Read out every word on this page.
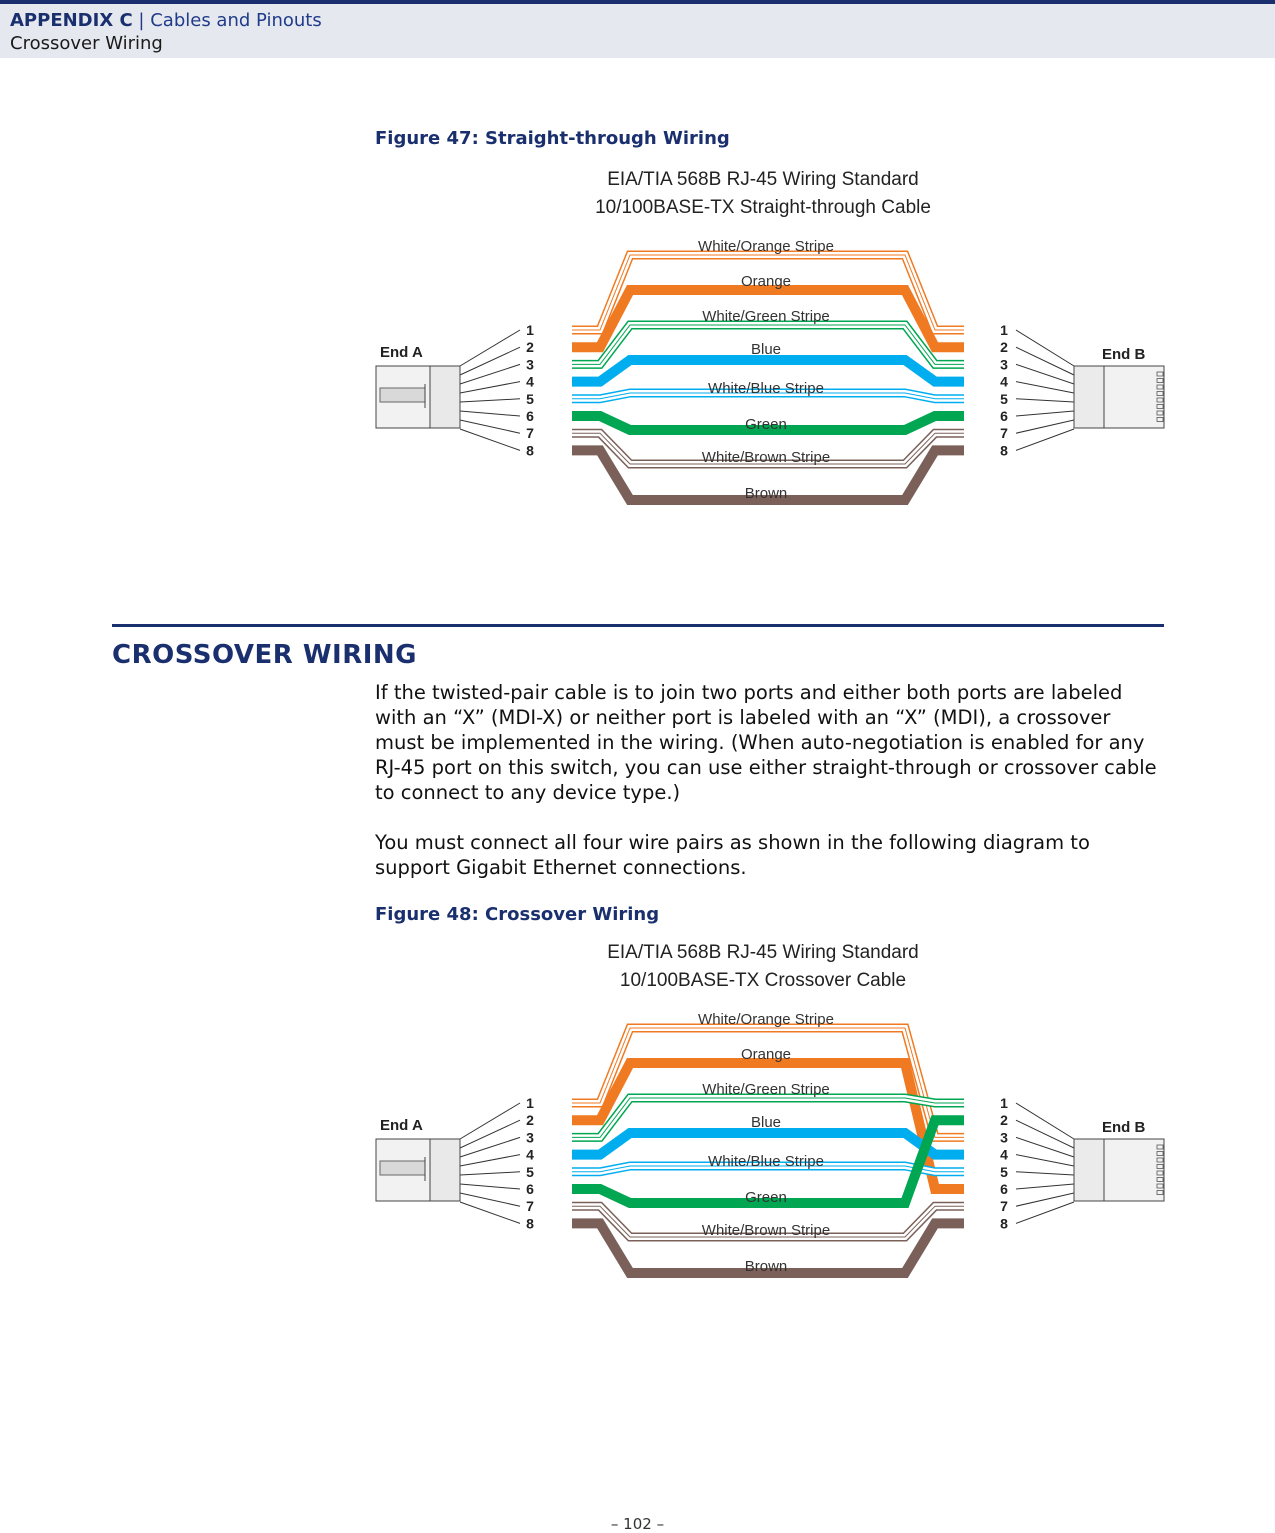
APPENDIX C | Cables and Pinouts
Crossover Wiring
Figure 47: Straight-through Wiring
EIA/TIA 568B RJ-45 Wiring Standard
10/100BASE-TX Straight-through Cable
White/Orange Stripe
Orange
White/Green Stripe
Blue
White/Blue Stripe
Green
White/Brown Stripe
Brown
1	1
2	2
3	3
4	4
5	5
6	6
7	7
8	8
End A	End B
CROSSOVER WIRING

If the twisted-pair cable is to join two ports and either both ports are labeled with an “X” (MDI-X) or neither port is labeled with an “X” (MDI), a crossover must be implemented in the wiring. (When auto-negotiation is enabled for any RJ-45 port on this switch, you can use either straight-through or crossover cable to connect to any device type.)

You must connect all four wire pairs as shown in the following diagram to support Gigabit Ethernet connections.

Figure 48: Crossover Wiring
EIA/TIA 568B RJ-45 Wiring Standard
10/100BASE-TX Crossover Cable
White/Orange Stripe
Orange
White/Green Stripe
Blue
White/Blue Stripe
Green
White/Brown Stripe
Brown
1	1
2	2
3	3
4	4
5	5
6	6
7	7
8	8
End A	End B
– 102 –
